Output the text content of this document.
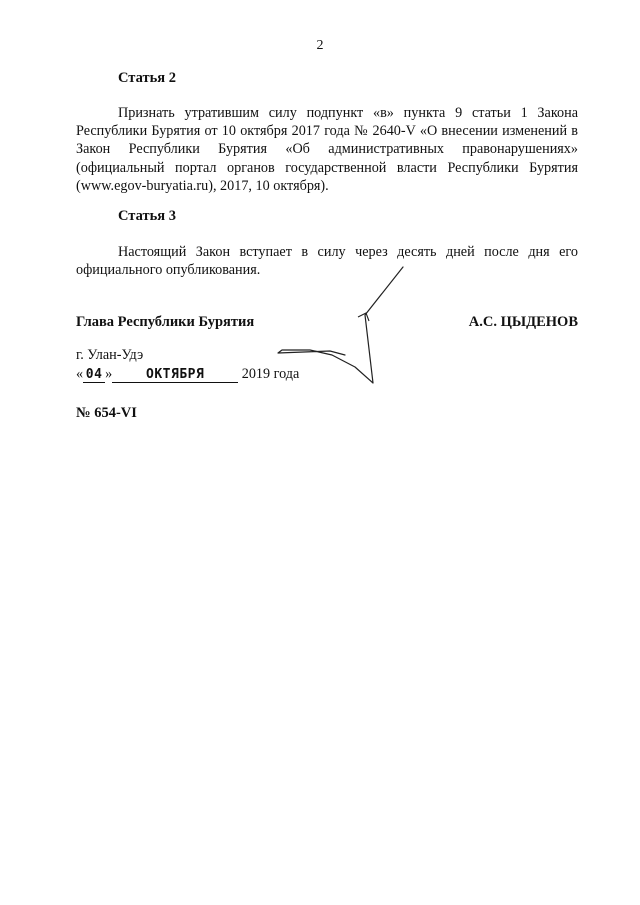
2
Статья 2

Признать утратившим силу подпункт «в» пункта 9 статьи 1 Закона Республики Бурятия от 10 октября 2017 года № 2640-V «О внесении изменений в Закон Республики Бурятия «Об административных правонарушениях» (официальный портал органов государственной власти Республики Бурятия (www.egov-buryatia.ru), 2017, 10 октября).

Статья 3

Настоящий Закон вступает в силу через десять дней после дня его официального опубликования.

Глава Республики Бурятия	А.С. ЦЫДЕНОВ
г. Улан-Удэ
« 04 »	ОКТЯБРЯ	2019 года
№ 654-VI
